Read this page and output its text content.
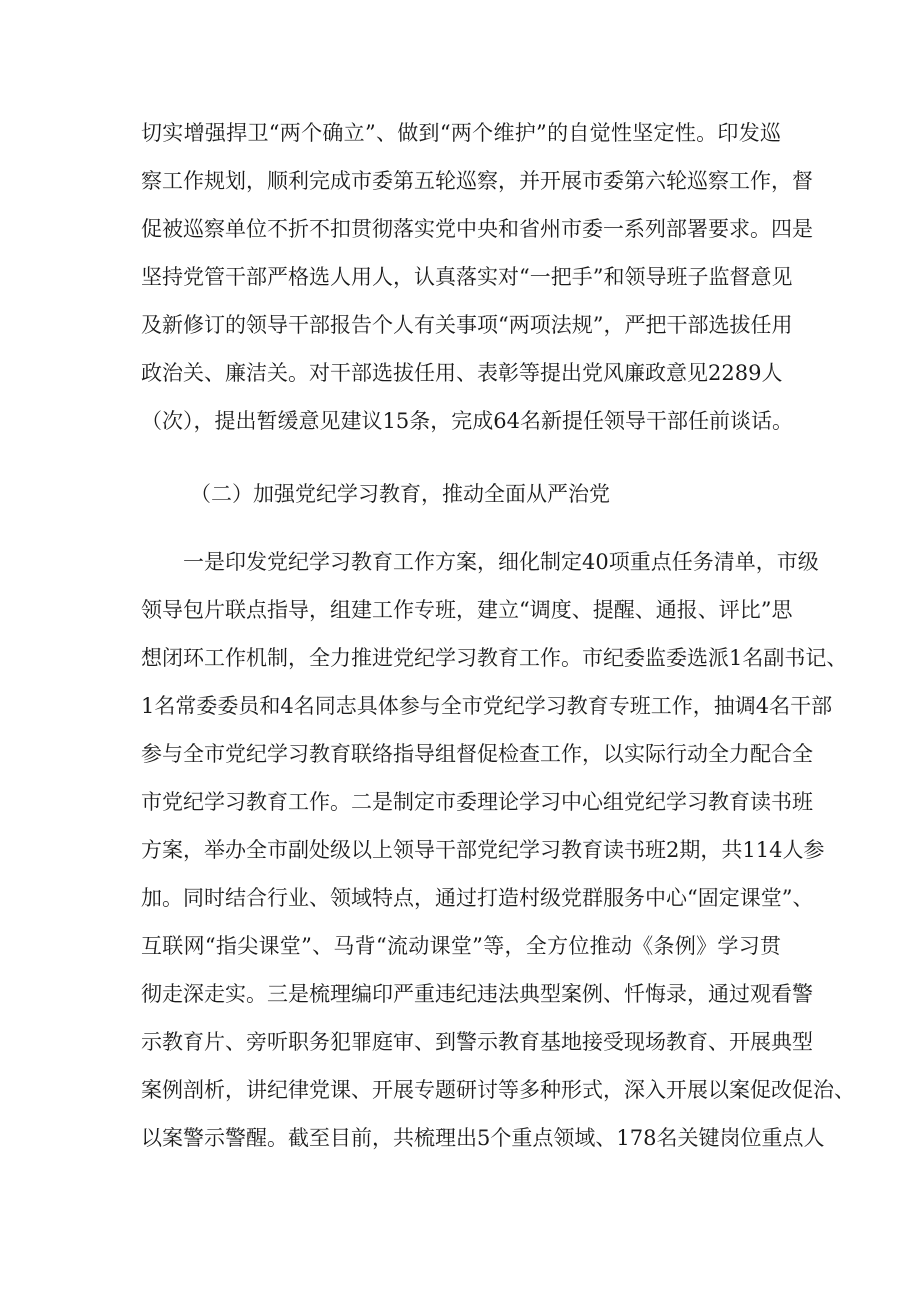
切实增强捍卫“两个确立”、做到“两个维护”的自觉性坚定性。印发巡

察工作规划，顺利完成市委第五轮巡察，并开展市委第六轮巡察工作，督

促被巡察单位不折不扣贯彻落实党中央和省州市委一系列部署要求。四是

坚持党管干部严格选人用人，认真落实对“一把手”和领导班子监督意见

及新修订的领导干部报告个人有关事项“两项法规”，严把干部选拔任用

政治关、廉洁关。对干部选拔任用、表彰等提出党风廉政意见2289人

（次），提出暂缓意见建议15条，完成64名新提任领导干部任前谈话。

（二）加强党纪学习教育，推动全面从严治党

一是印发党纪学习教育工作方案，细化制定40项重点任务清单，市级

领导包片联点指导，组建工作专班，建立“调度、提醒、通报、评比”思

想闭环工作机制，全力推进党纪学习教育工作。市纪委监委选派1名副书记、

1名常委委员和4名同志具体参与全市党纪学习教育专班工作，抽调4名干部

参与全市党纪学习教育联络指导组督促检查工作，以实际行动全力配合全

市党纪学习教育工作。二是制定市委理论学习中心组党纪学习教育读书班

方案，举办全市副处级以上领导干部党纪学习教育读书班2期，共114人参

加。同时结合行业、领域特点，通过打造村级党群服务中心“固定课堂”、

互联网“指尖课堂”、马背“流动课堂”等，全方位推动《条例》学习贯

彻走深走实。三是梳理编印严重违纪违法典型案例、忏悔录，通过观看警

示教育片、旁听职务犯罪庭审、到警示教育基地接受现场教育、开展典型

案例剖析，讲纪律党课、开展专题研讨等多种形式，深入开展以案促改促治、

以案警示警醒。截至目前，共梳理出5个重点领域、178名关键岗位重点人
